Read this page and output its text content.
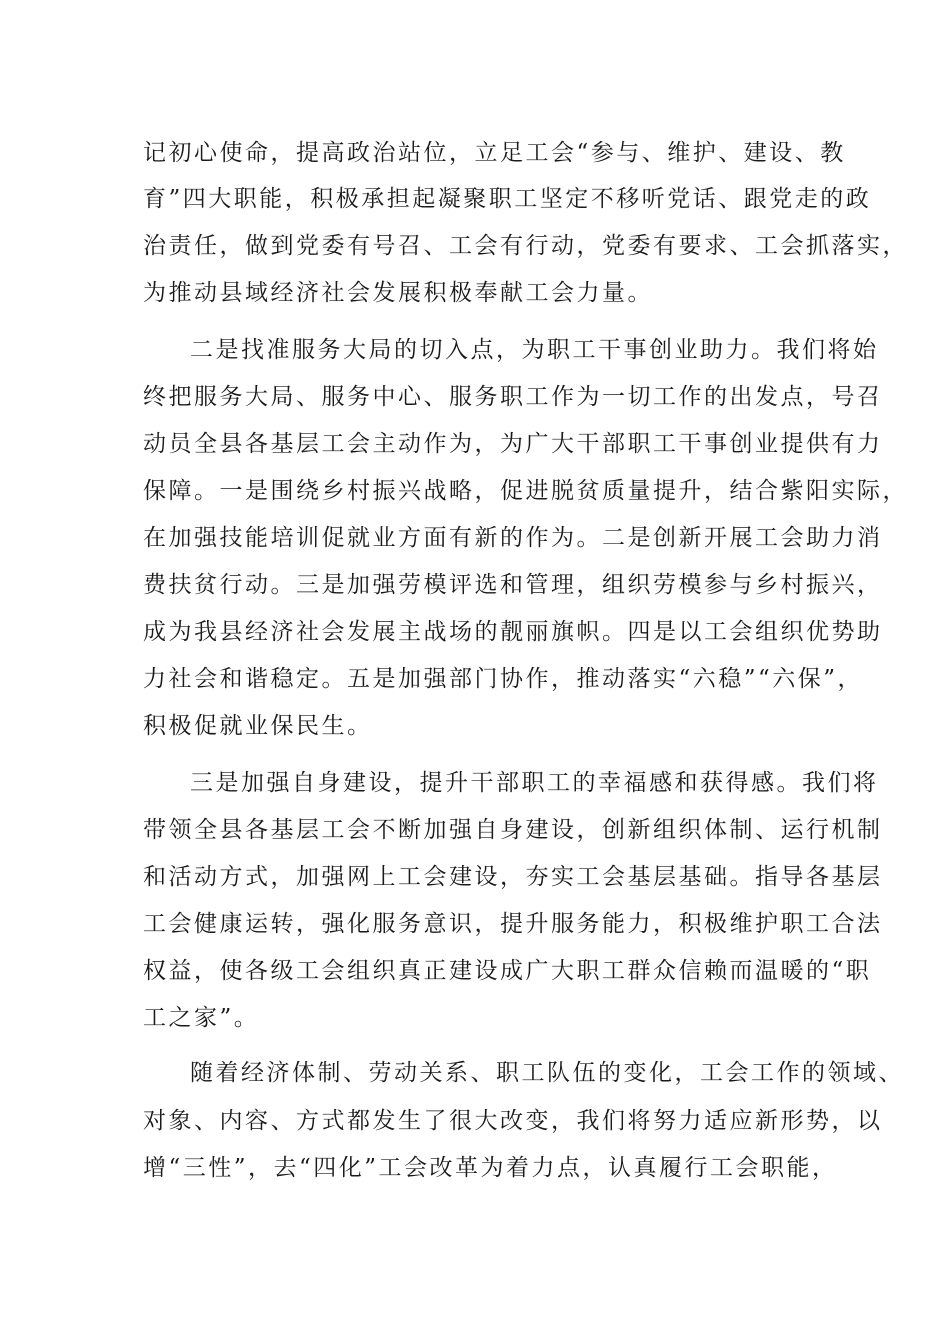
记初心使命，提高政治站位，立足工会“参与、维护、建设、教
育”四大职能，积极承担起凝聚职工坚定不移听党话、跟党走的政
治责任，做到党委有号召、工会有行动，党委有要求、工会抓落实，
为推动县域经济社会发展积极奉献工会力量。
二是找准服务大局的切入点，为职工干事创业助力。我们将始
终把服务大局、服务中心、服务职工作为一切工作的出发点，号召
动员全县各基层工会主动作为，为广大干部职工干事创业提供有力
保障。一是围绕乡村振兴战略，促进脱贫质量提升，结合紫阳实际，
在加强技能培训促就业方面有新的作为。二是创新开展工会助力消
费扶贫行动。三是加强劳模评选和管理，组织劳模参与乡村振兴，
成为我县经济社会发展主战场的靓丽旗帜。四是以工会组织优势助
力社会和谐稳定。五是加强部门协作，推动落实“六稳”“六保”，
积极促就业保民生。
三是加强自身建设，提升干部职工的幸福感和获得感。我们将
带领全县各基层工会不断加强自身建设，创新组织体制、运行机制
和活动方式，加强网上工会建设，夯实工会基层基础。指导各基层
工会健康运转，强化服务意识，提升服务能力，积极维护职工合法
权益，使各级工会组织真正建设成广大职工群众信赖而温暖的“职
工之家”。
随着经济体制、劳动关系、职工队伍的变化，工会工作的领域、
对象、内容、方式都发生了很大改变，我们将努力适应新形势，以
增“三性”，去“四化”工会改革为着力点，认真履行工会职能，
